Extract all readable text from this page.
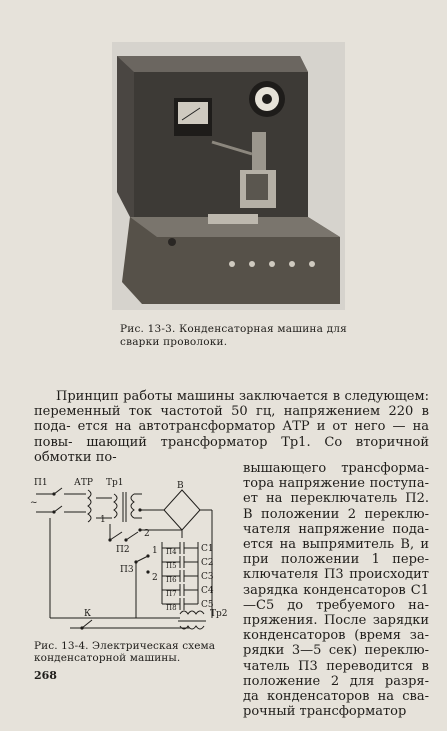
Рис. 13-3. Конденсаторная машина для сварки проволоки.

Принцип работы машины заключается в следующем: переменный ток частотой 50 гц, напряжением 220 в пода- ется на автотрансформатор АТР и от него — на повы- шающий трансформатор Тр1. Со вторичной обмотки по-

вышающего трансформа- тора напряжение поступа- ет на переключатель П2. В положении 2 переклю- чателя напряжение пода- ется на выпрямитель В, и при положении 1 пере- ключателя П3 происходит зарядка конденсаторов С1—С5 до требуемого на- пряжения. После зарядки конденсаторов (время за- рядки 3—5 сек) переклю- чатель П3 переводится в положение 2 для разря- да конденсаторов на сва- рочный трансформатор
П1	АТР Тр1
~
В
П2
1
2
П3
1
2
П4
П5
П6
П7
П8
С1
С2
С3
С4
С5
К	Тр2
Рис. 13-4. Электрическая схема конденсаторной машины.
268
